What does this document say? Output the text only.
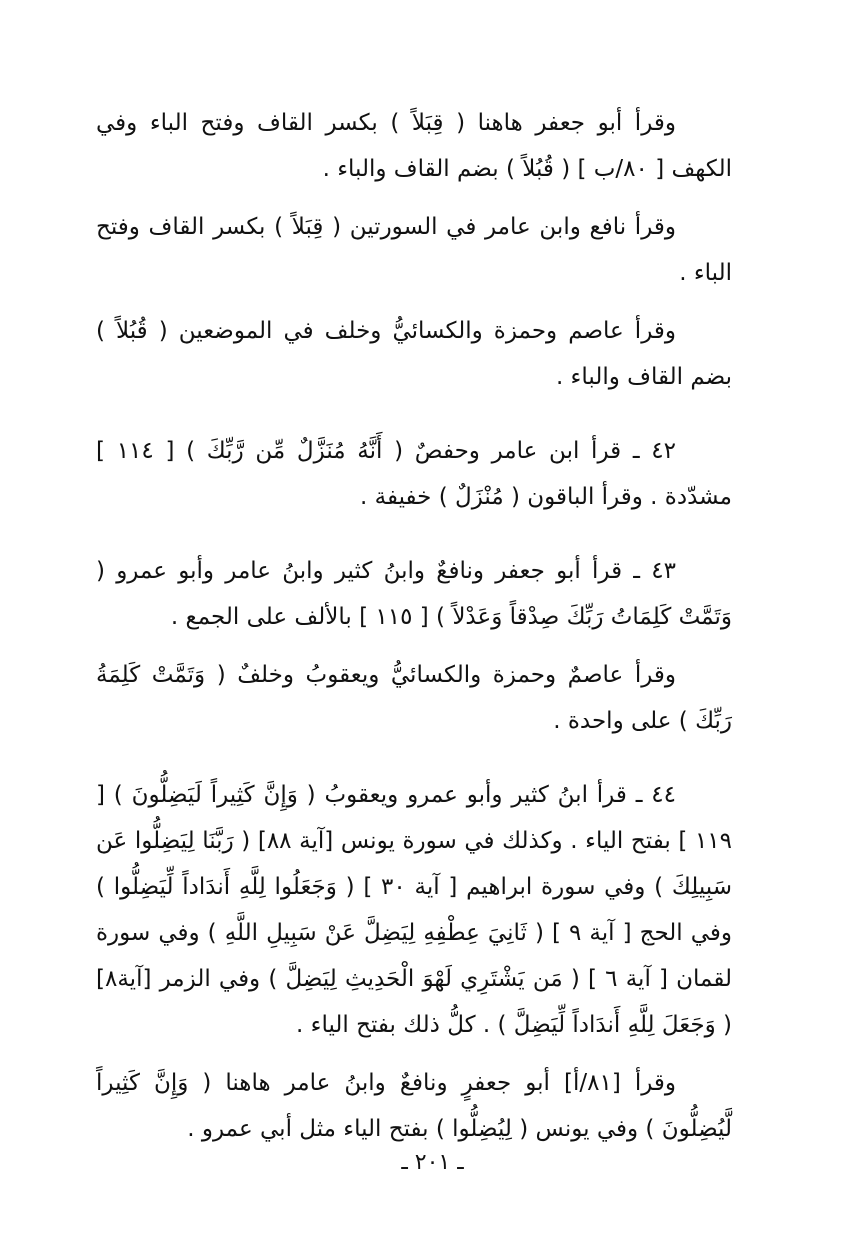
وقرأ أبو جعفر هاهنا ( قِبَلاً ) بكسر القاف وفتح الباء وفي الكهف [ ٨٠/ب ] ( قُبُلاً ) بضم القاف والباء .

وقرأ نافع وابن عامر في السورتين ( قِبَلاً ) بكسر القاف وفتح الباء .

وقرأ عاصم وحمزة والكسائيُّ وخلف في الموضعين ( قُبُلاً ) بضم القاف والباء .

٤٢ ـ قرأ ابن عامر وحفصٌ ( أَنَّهُ مُنَزَّلٌ مِّن رَّبِّكَ ) [ ١١٤ ] مشدّدة . وقرأ الباقون ( مُنْزَلٌ ) خفيفة .

٤٣ ـ قرأ أبو جعفر ونافعٌ وابنُ كثير وابنُ عامر وأبو عمرو ( وَتَمَّتْ كَلِمَاتُ رَبِّكَ صِدْقاً وَعَدْلاً ) [ ١١٥ ] بالألف على الجمع .

وقرأ عاصمٌ وحمزة والكسائيُّ ويعقوبُ وخلفٌ ( وَتَمَّتْ كَلِمَةُ رَبِّكَ ) على واحدة .

٤٤ ـ قرأ ابنُ كثير وأبو عمرو ويعقوبُ ( وَإِنَّ كَثِيراً لَيَضِلُّونَ ) [ ١١٩ ] بفتح الياء . وكذلك في سورة يونس [آية ٨٨] ( رَبَّنَا لِيَضِلُّوا عَن سَبِيلِكَ ) وفي سورة ابراهيم [ آية ٣٠ ] ( وَجَعَلُوا لِلَّهِ أَندَاداً لِّيَضِلُّوا ) وفي الحج [ آية ٩ ] ( ثَانِيَ عِطْفِهِ لِيَضِلَّ عَنْ سَبِيلِ اللَّهِ ) وفي سورة لقمان [ آية ٦ ] ( مَن يَشْتَرِي لَهْوَ الْحَدِيثِ لِيَضِلَّ ) وفي الزمر [آية٨] ( وَجَعَلَ لِلَّهِ أَندَاداً لِّيَضِلَّ ) . كلُّ ذلك بفتح الياء .

وقرأ [٨١/أ] أبو جعفرٍ ونافعٌ وابنُ عامر هاهنا ( وَإِنَّ كَثِيراً لَّيُضِلُّونَ ) وفي يونس ( لِيُضِلُّوا ) بفتح الياء مثل أبي عمرو .

ـ ٢٠١ ـ
